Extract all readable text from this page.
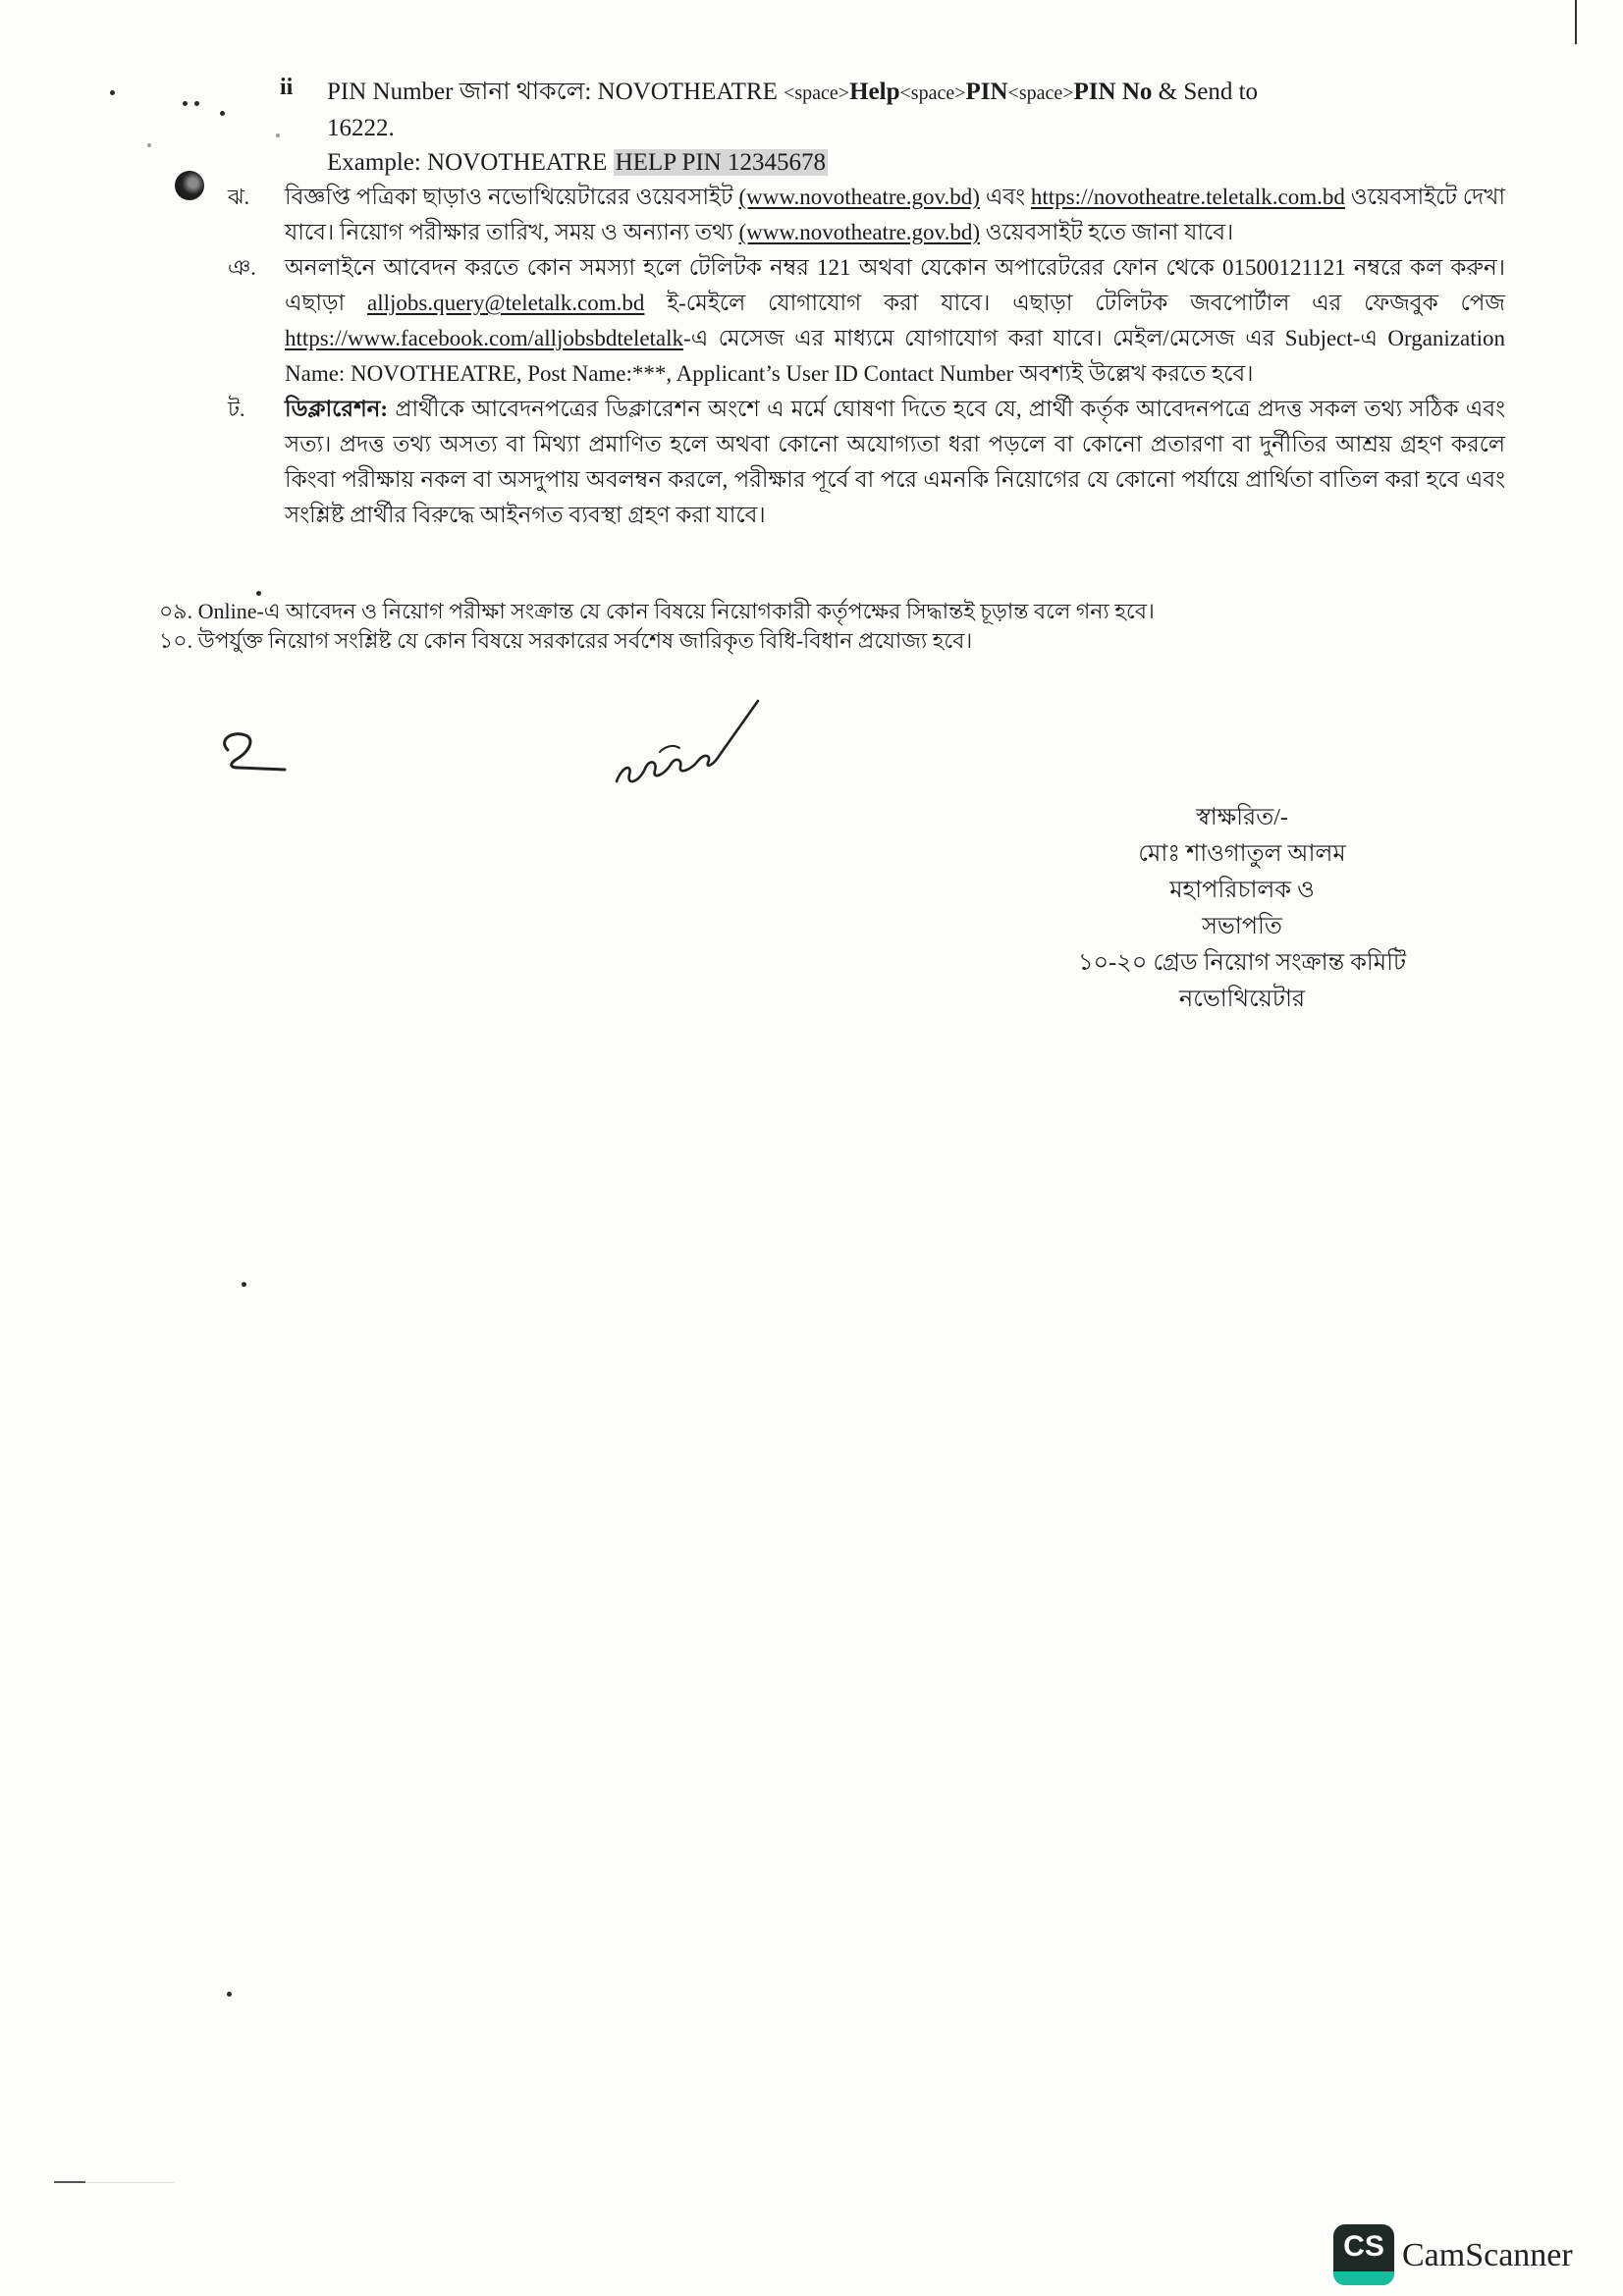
ii PIN Number জানা থাকলে: NOVOTHEATRE <space>Help<space>PIN<space>PIN No & Send to
16222.
Example: NOVOTHEATRE HELP PIN 12345678
ঝ. বিজ্ঞপ্তি পত্রিকা ছাড়াও নভোথিয়েটারের ওয়েবসাইট (www.novotheatre.gov.bd) এবং https://novotheatre.teletalk.com.bd ওয়েবসাইটে দেখা যাবে। নিয়োগ পরীক্ষার তারিখ, সময় ও অন্যান্য তথ্য (www.novotheatre.gov.bd) ওয়েবসাইট হতে জানা যাবে।
ঞ. অনলাইনে আবেদন করতে কোন সমস্যা হলে টেলিটক নম্বর 121 অথবা যেকোন অপারেটরের ফোন থেকে 01500121121 নম্বরে কল করুন। এছাড়া alljobs.query@teletalk.com.bd ই-মেইলে যোগাযোগ করা যাবে। এছাড়া টেলিটক জবপোর্টাল এর ফেজবুক পেজ https://www.facebook.com/alljobsbdteletalk-এ মেসেজ এর মাধ্যমে যোগাযোগ করা যাবে। মেইল/মেসেজ এর Subject-এ Organization Name: NOVOTHEATRE, Post Name:***, Applicant’s User ID Contact Number অবশ্যই উল্লেখ করতে হবে।
ট. ডিক্লারেশন: প্রার্থীকে আবেদনপত্রের ডিক্লারেশন অংশে এ মর্মে ঘোষণা দিতে হবে যে, প্রার্থী কর্তৃক আবেদনপত্রে প্রদত্ত সকল তথ্য সঠিক এবং সত্য। প্রদত্ত তথ্য অসত্য বা মিথ্যা প্রমাণিত হলে অথবা কোনো অযোগ্যতা ধরা পড়লে বা কোনো প্রতারণা বা দুর্নীতির আশ্রয় গ্রহণ করলে কিংবা পরীক্ষায় নকল বা অসদুপায় অবলম্বন করলে, পরীক্ষার পূর্বে বা পরে এমনকি নিয়োগের যে কোনো পর্যায়ে প্রার্থিতা বাতিল করা হবে এবং সংশ্লিষ্ট প্রার্থীর বিরুদ্ধে আইনগত ব্যবস্থা গ্রহণ করা যাবে।
০৯. Online-এ আবেদন ও নিয়োগ পরীক্ষা সংক্রান্ত যে কোন বিষয়ে নিয়োগকারী কর্তৃপক্ষের সিদ্ধান্তই চূড়ান্ত বলে গন্য হবে।
১০. উপর্যুক্ত নিয়োগ সংশ্লিষ্ট যে কোন বিষয়ে সরকারের সর্বশেষ জারিকৃত বিধি-বিধান প্রযোজ্য হবে।
স্বাক্ষরিত/-
মোঃ শাওগাতুল আলম
মহাপরিচালক ও
সভাপতি
১০-২০ গ্রেড নিয়োগ সংক্রান্ত কমিটি
নভোথিয়েটার
CS CamScanner
